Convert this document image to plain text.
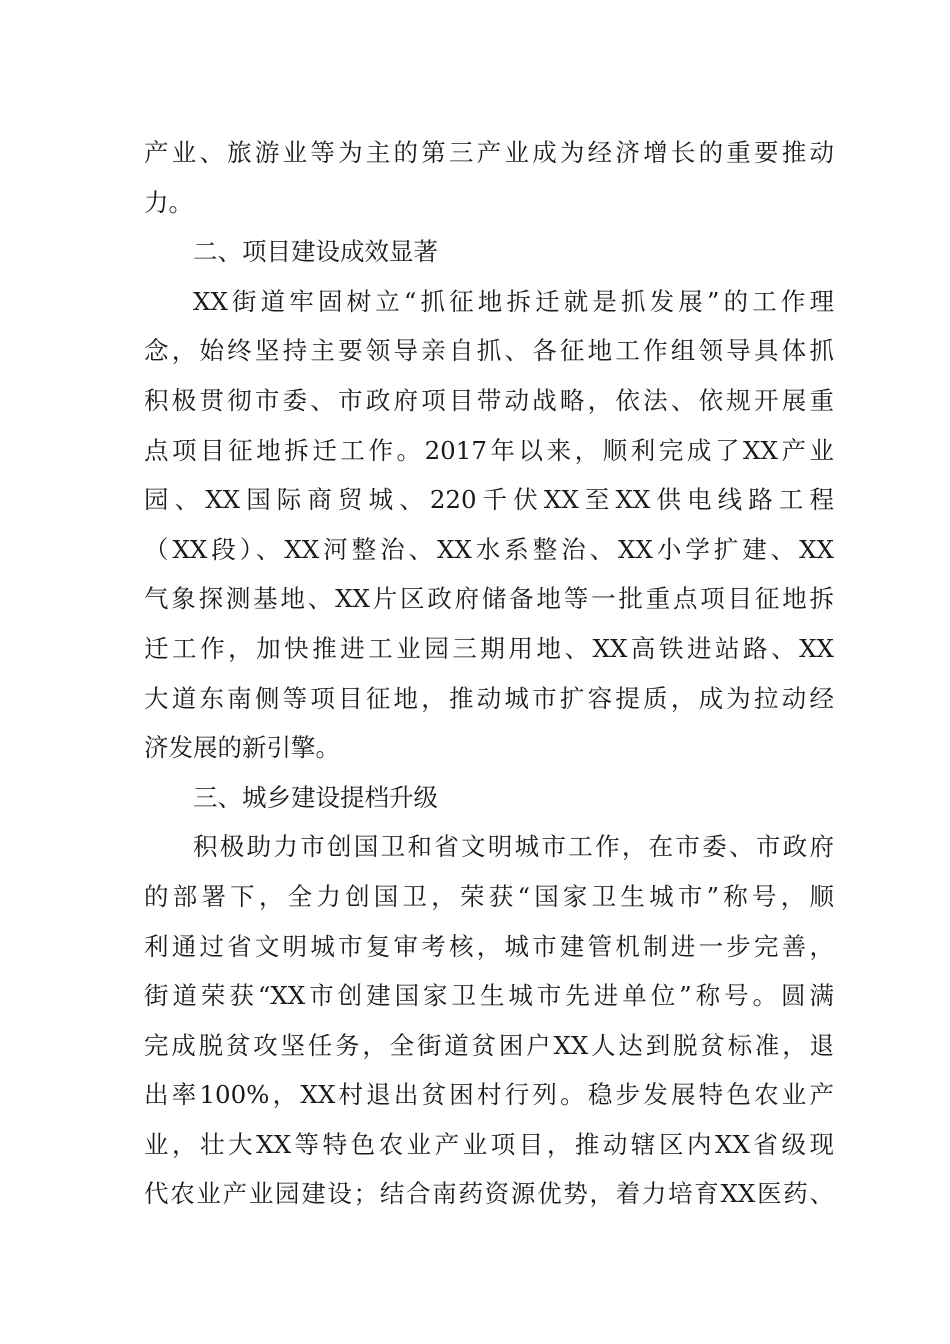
产业、旅游业等为主的第三产业成为经济增长的重要推动
力。
二、项目建设成效显著
XX街道牢固树立“抓征地拆迁就是抓发展”的工作理
念，始终坚持主要领导亲自抓、各征地工作组领导具体抓
积极贯彻市委、市政府项目带动战略，依法、依规开展重
点项目征地拆迁工作。2017年以来，顺利完成了XX产业
园、XX国际商贸城、220千伏XX至XX供电线路工程
（XX段）、XX河整治、XX水系整治、XX小学扩建、XX
气象探测基地、XX片区政府储备地等一批重点项目征地拆
迁工作，加快推进工业园三期用地、XX高铁进站路、XX
大道东南侧等项目征地，推动城市扩容提质，成为拉动经
济发展的新引擎。
三、城乡建设提档升级
积极助力市创国卫和省文明城市工作，在市委、市政府
的部署下，全力创国卫，荣获“国家卫生城市”称号，顺
利通过省文明城市复审考核，城市建管机制进一步完善，
街道荣获“XX市创建国家卫生城市先进单位”称号。圆满
完成脱贫攻坚任务，全街道贫困户XX人达到脱贫标准，退
出率100%，XX村退出贫困村行列。稳步发展特色农业产
业，壮大XX等特色农业产业项目，推动辖区内XX省级现
代农业产业园建设；结合南药资源优势，着力培育XX医药、
